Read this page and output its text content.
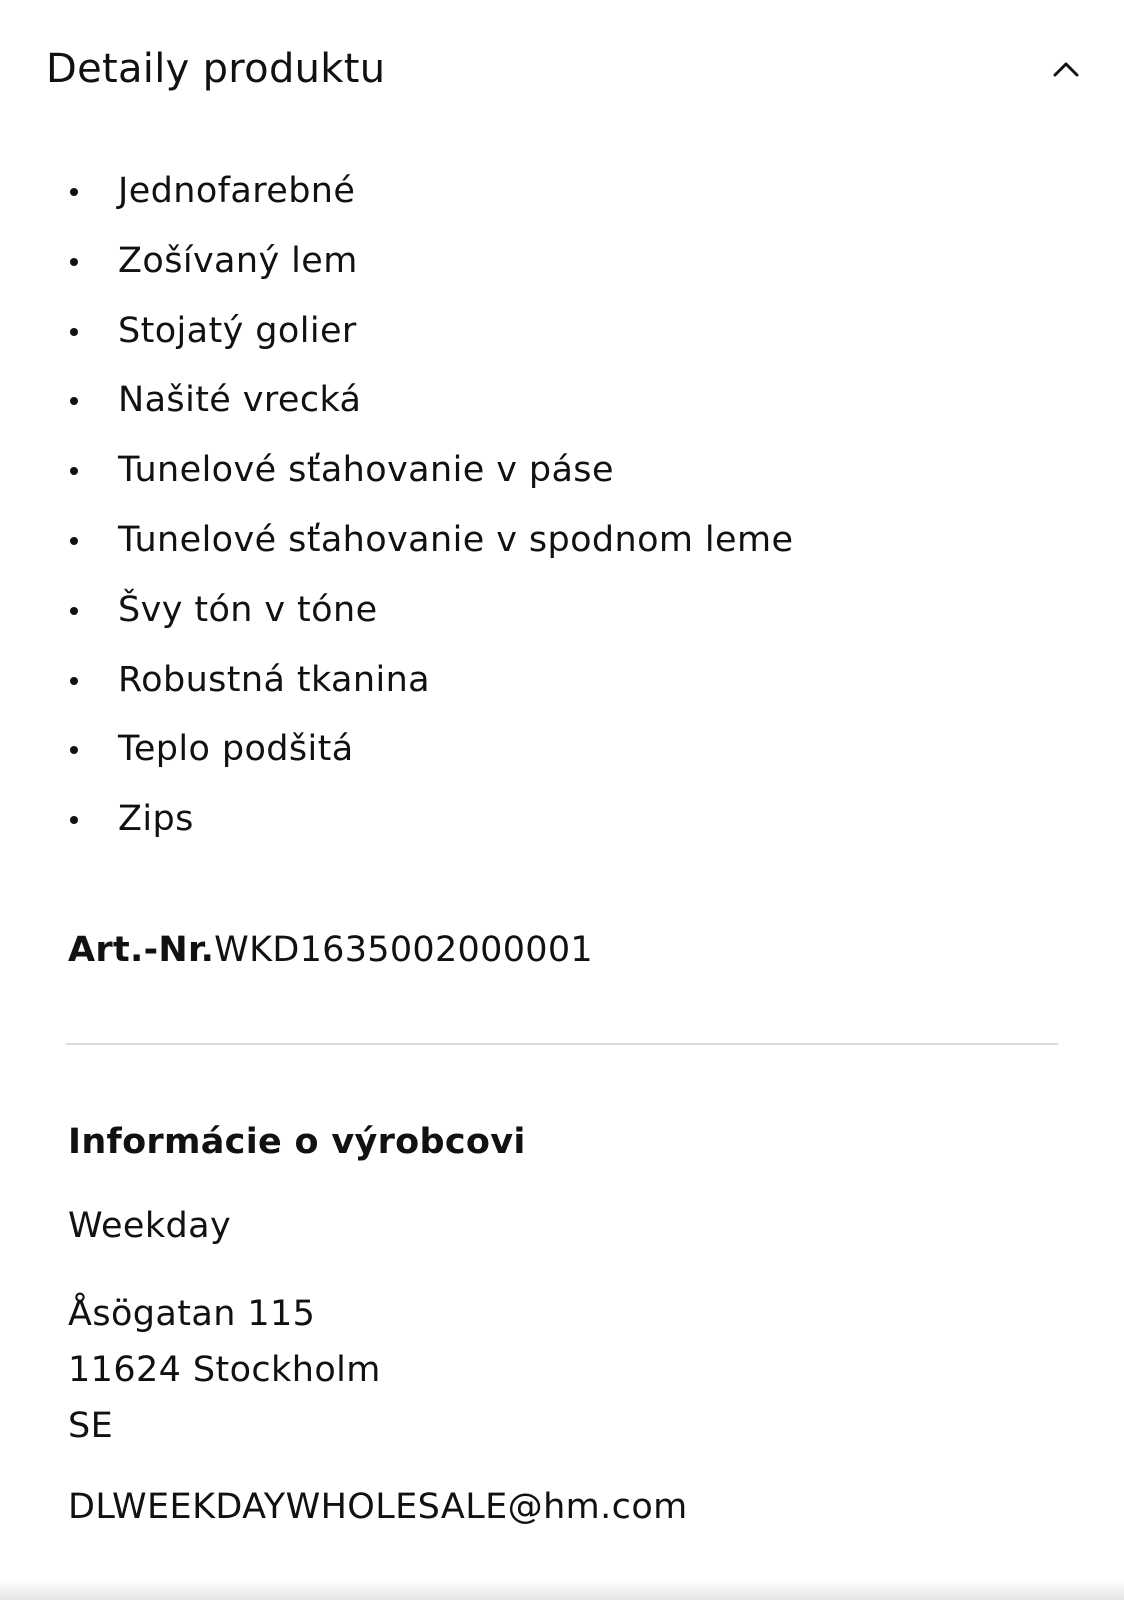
Detaily produktu
Jednofarebné
Zošívaný lem
Stojatý golier
Našité vrecká
Tunelové sťahovanie v páse
Tunelové sťahovanie v spodnom leme
Švy tón v tóne
Robustná tkanina
Teplo podšitá
Zips
Art.-Nr.WKD1635002000001
Informácie o výrobcovi
Weekday
Åsögatan 115
11624 Stockholm
SE
DLWEEKDAYWHOLESALE@hm.com
